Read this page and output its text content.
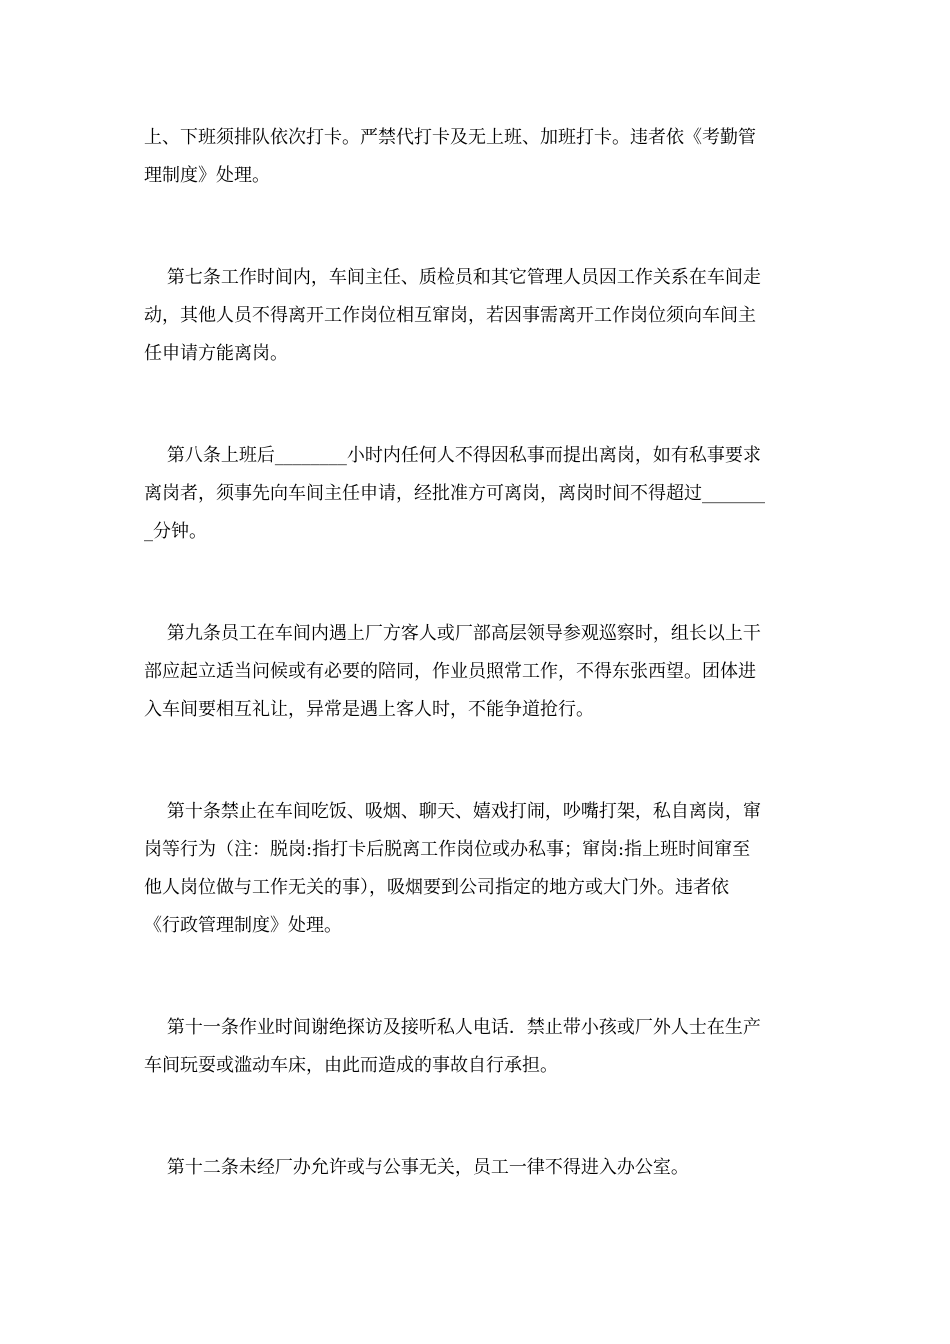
上、下班须排队依次打卡。严禁代打卡及无上班、加班打卡。违者依《考勤管
理制度》处理。
第七条工作时间内，车间主任、质检员和其它管理人员因工作关系在车间走
动，其他人员不得离开工作岗位相互窜岗，若因事需离开工作岗位须向车间主
任申请方能离岗。
第八条上班后________小时内任何人不得因私事而提出离岗，如有私事要求
离岗者，须事先向车间主任申请，经批准方可离岗，离岗时间不得超过_______
_分钟。
第九条员工在车间内遇上厂方客人或厂部高层领导参观巡察时，组长以上干
部应起立适当问候或有必要的陪同，作业员照常工作，不得东张西望。团体进
入车间要相互礼让，异常是遇上客人时，不能争道抢行。
第十条禁止在车间吃饭、吸烟、聊天、嬉戏打闹，吵嘴打架，私自离岗，窜
岗等行为（注：脱岗:指打卡后脱离工作岗位或办私事；窜岗:指上班时间窜至
他人岗位做与工作无关的事），吸烟要到公司指定的地方或大门外。违者依
《行政管理制度》处理。
第十一条作业时间谢绝探访及接听私人电话．禁止带小孩或厂外人士在生产
车间玩耍或滥动车床，由此而造成的事故自行承担。
第十二条未经厂办允许或与公事无关，员工一律不得进入办公室。
